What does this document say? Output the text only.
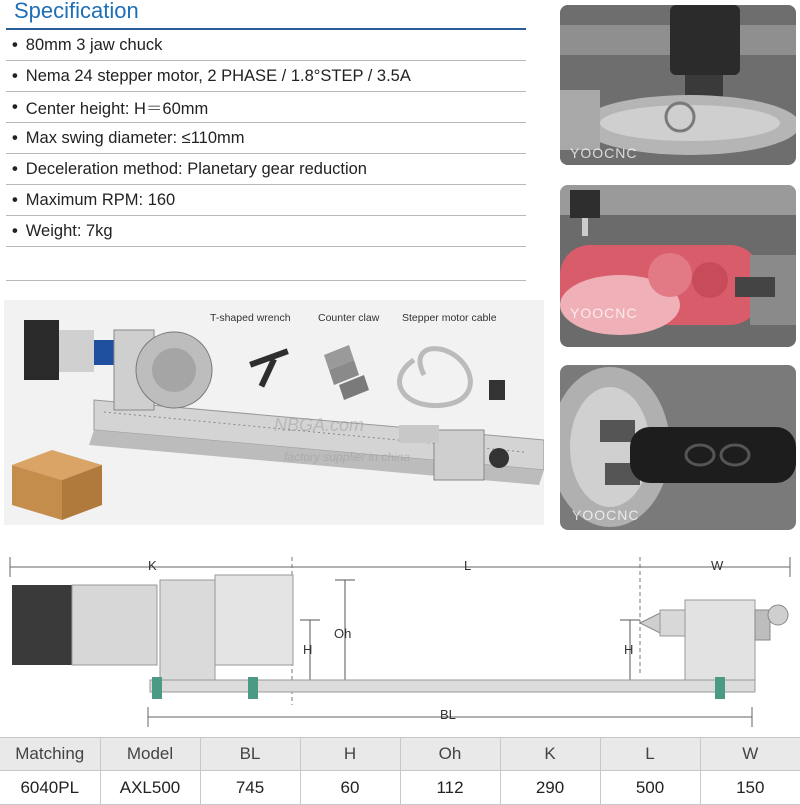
Specification
• 80mm 3 jaw chuck
• Nema 24 stepper motor, 2 PHASE / 1.8°STEP / 3.5A
• Center height: H＝60mm
• Max swing diameter: ≤110mm
• Deceleration method: Planetary gear reduction
• Maximum RPM: 160
• Weight: 7kg
YOOCNC
YOOCNC
YOOCNC
T-shaped wrench	Counter claw Stepper motor cable
NBGA.com
factory supplier in china
K	L	W
Oh
H	H
BL
Matching	Model	BL	H	Oh	K	L	W
6040PL	AXL500	745	60	112	290	500	150
